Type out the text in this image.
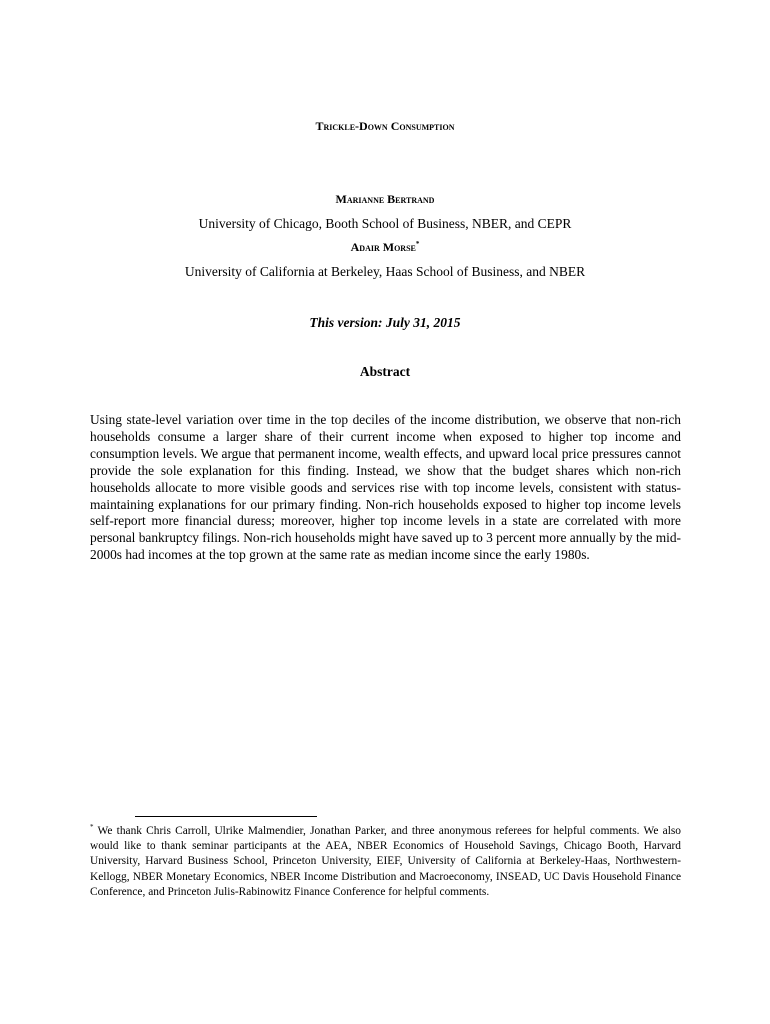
Trickle-Down Consumption
Marianne Bertrand
University of Chicago, Booth School of Business, NBER, and CEPR
Adair Morse*
University of California at Berkeley, Haas School of Business, and NBER
This version: July 31, 2015
Abstract
Using state-level variation over time in the top deciles of the income distribution, we observe that non-rich households consume a larger share of their current income when exposed to higher top income and consumption levels. We argue that permanent income, wealth effects, and upward local price pressures cannot provide the sole explanation for this finding. Instead, we show that the budget shares which non-rich households allocate to more visible goods and services rise with top income levels, consistent with status-maintaining explanations for our primary finding. Non-rich households exposed to higher top income levels self-report more financial duress; moreover, higher top income levels in a state are correlated with more personal bankruptcy filings. Non-rich households might have saved up to 3 percent more annually by the mid-2000s had incomes at the top grown at the same rate as median income since the early 1980s.
* We thank Chris Carroll, Ulrike Malmendier, Jonathan Parker, and three anonymous referees for helpful comments. We also would like to thank seminar participants at the AEA, NBER Economics of Household Savings, Chicago Booth, Harvard University, Harvard Business School, Princeton University, EIEF, University of California at Berkeley-Haas, Northwestern-Kellogg, NBER Monetary Economics, NBER Income Distribution and Macroeconomy, INSEAD, UC Davis Household Finance Conference, and Princeton Julis-Rabinowitz Finance Conference for helpful comments.
